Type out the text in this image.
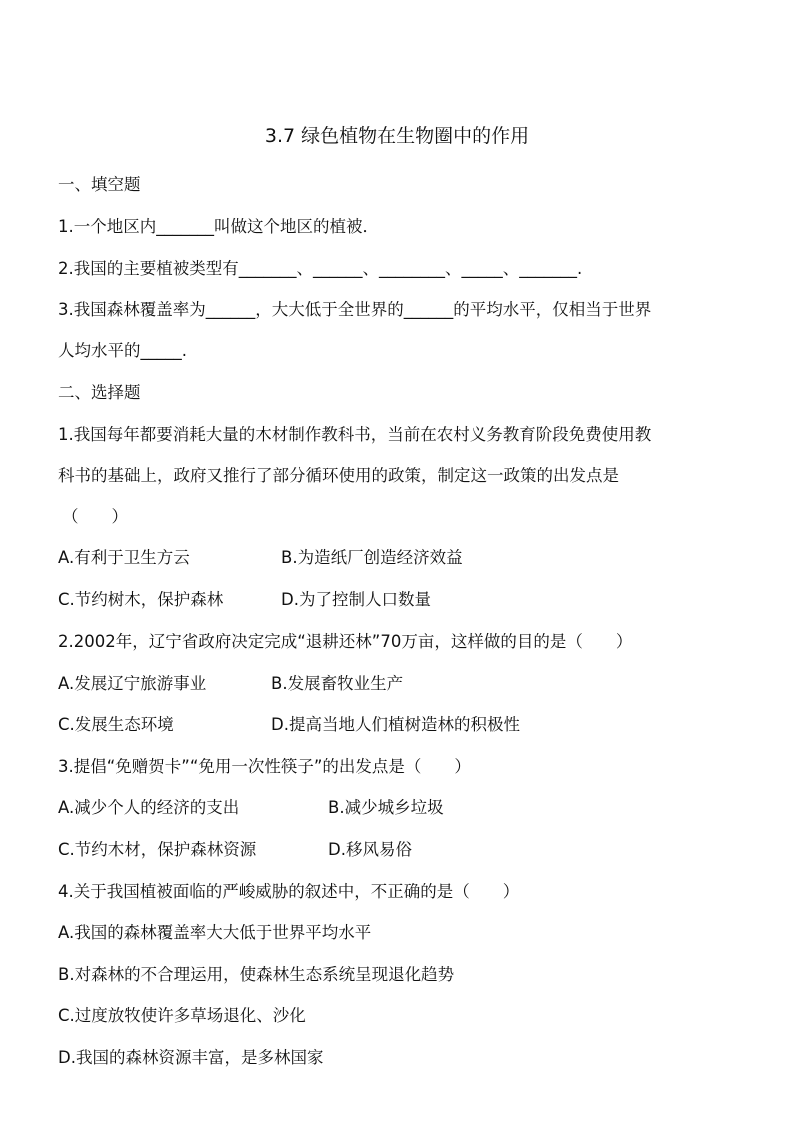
3.7 绿色植物在生物圈中的作用
一、填空题
1.一个地区内_______叫做这个地区的植被．
2.我国的主要植被类型有_______、______、________、_____、_______.
3.我国森林覆盖率为______，大大低于全世界的______的平均水平，仅相当于世界
人均水平的_____.
二、选择题
1.我国每年都要消耗大量的木材制作教科书，当前在农村义务教育阶段免费使用教
科书的基础上，政府又推行了部分循环使用的政策，制定这一政策的出发点是
（　　）
A.有利于卫生方云	B.为造纸厂创造经济效益
C.节约树木，保护森林	D.为了控制人口数量
2.2002年，辽宁省政府决定完成“退耕还林”70万亩，这样做的目的是（　　）
A.发展辽宁旅游事业	B.发展畜牧业生产
C.发展生态环境	D.提高当地人们植树造林的积极性
3.提倡“免赠贺卡”“免用一次性筷子”的出发点是（　　）
A.减少个人的经济的支出	B.减少城乡垃圾
C.节约木材，保护森林资源	D.移风易俗
4.关于我国植被面临的严峻威胁的叙述中，不正确的是（　　）
A.我国的森林覆盖率大大低于世界平均水平
B.对森林的不合理运用，使森林生态系统呈现退化趋势
C.过度放牧使许多草场退化、沙化
D.我国的森林资源丰富，是多林国家
